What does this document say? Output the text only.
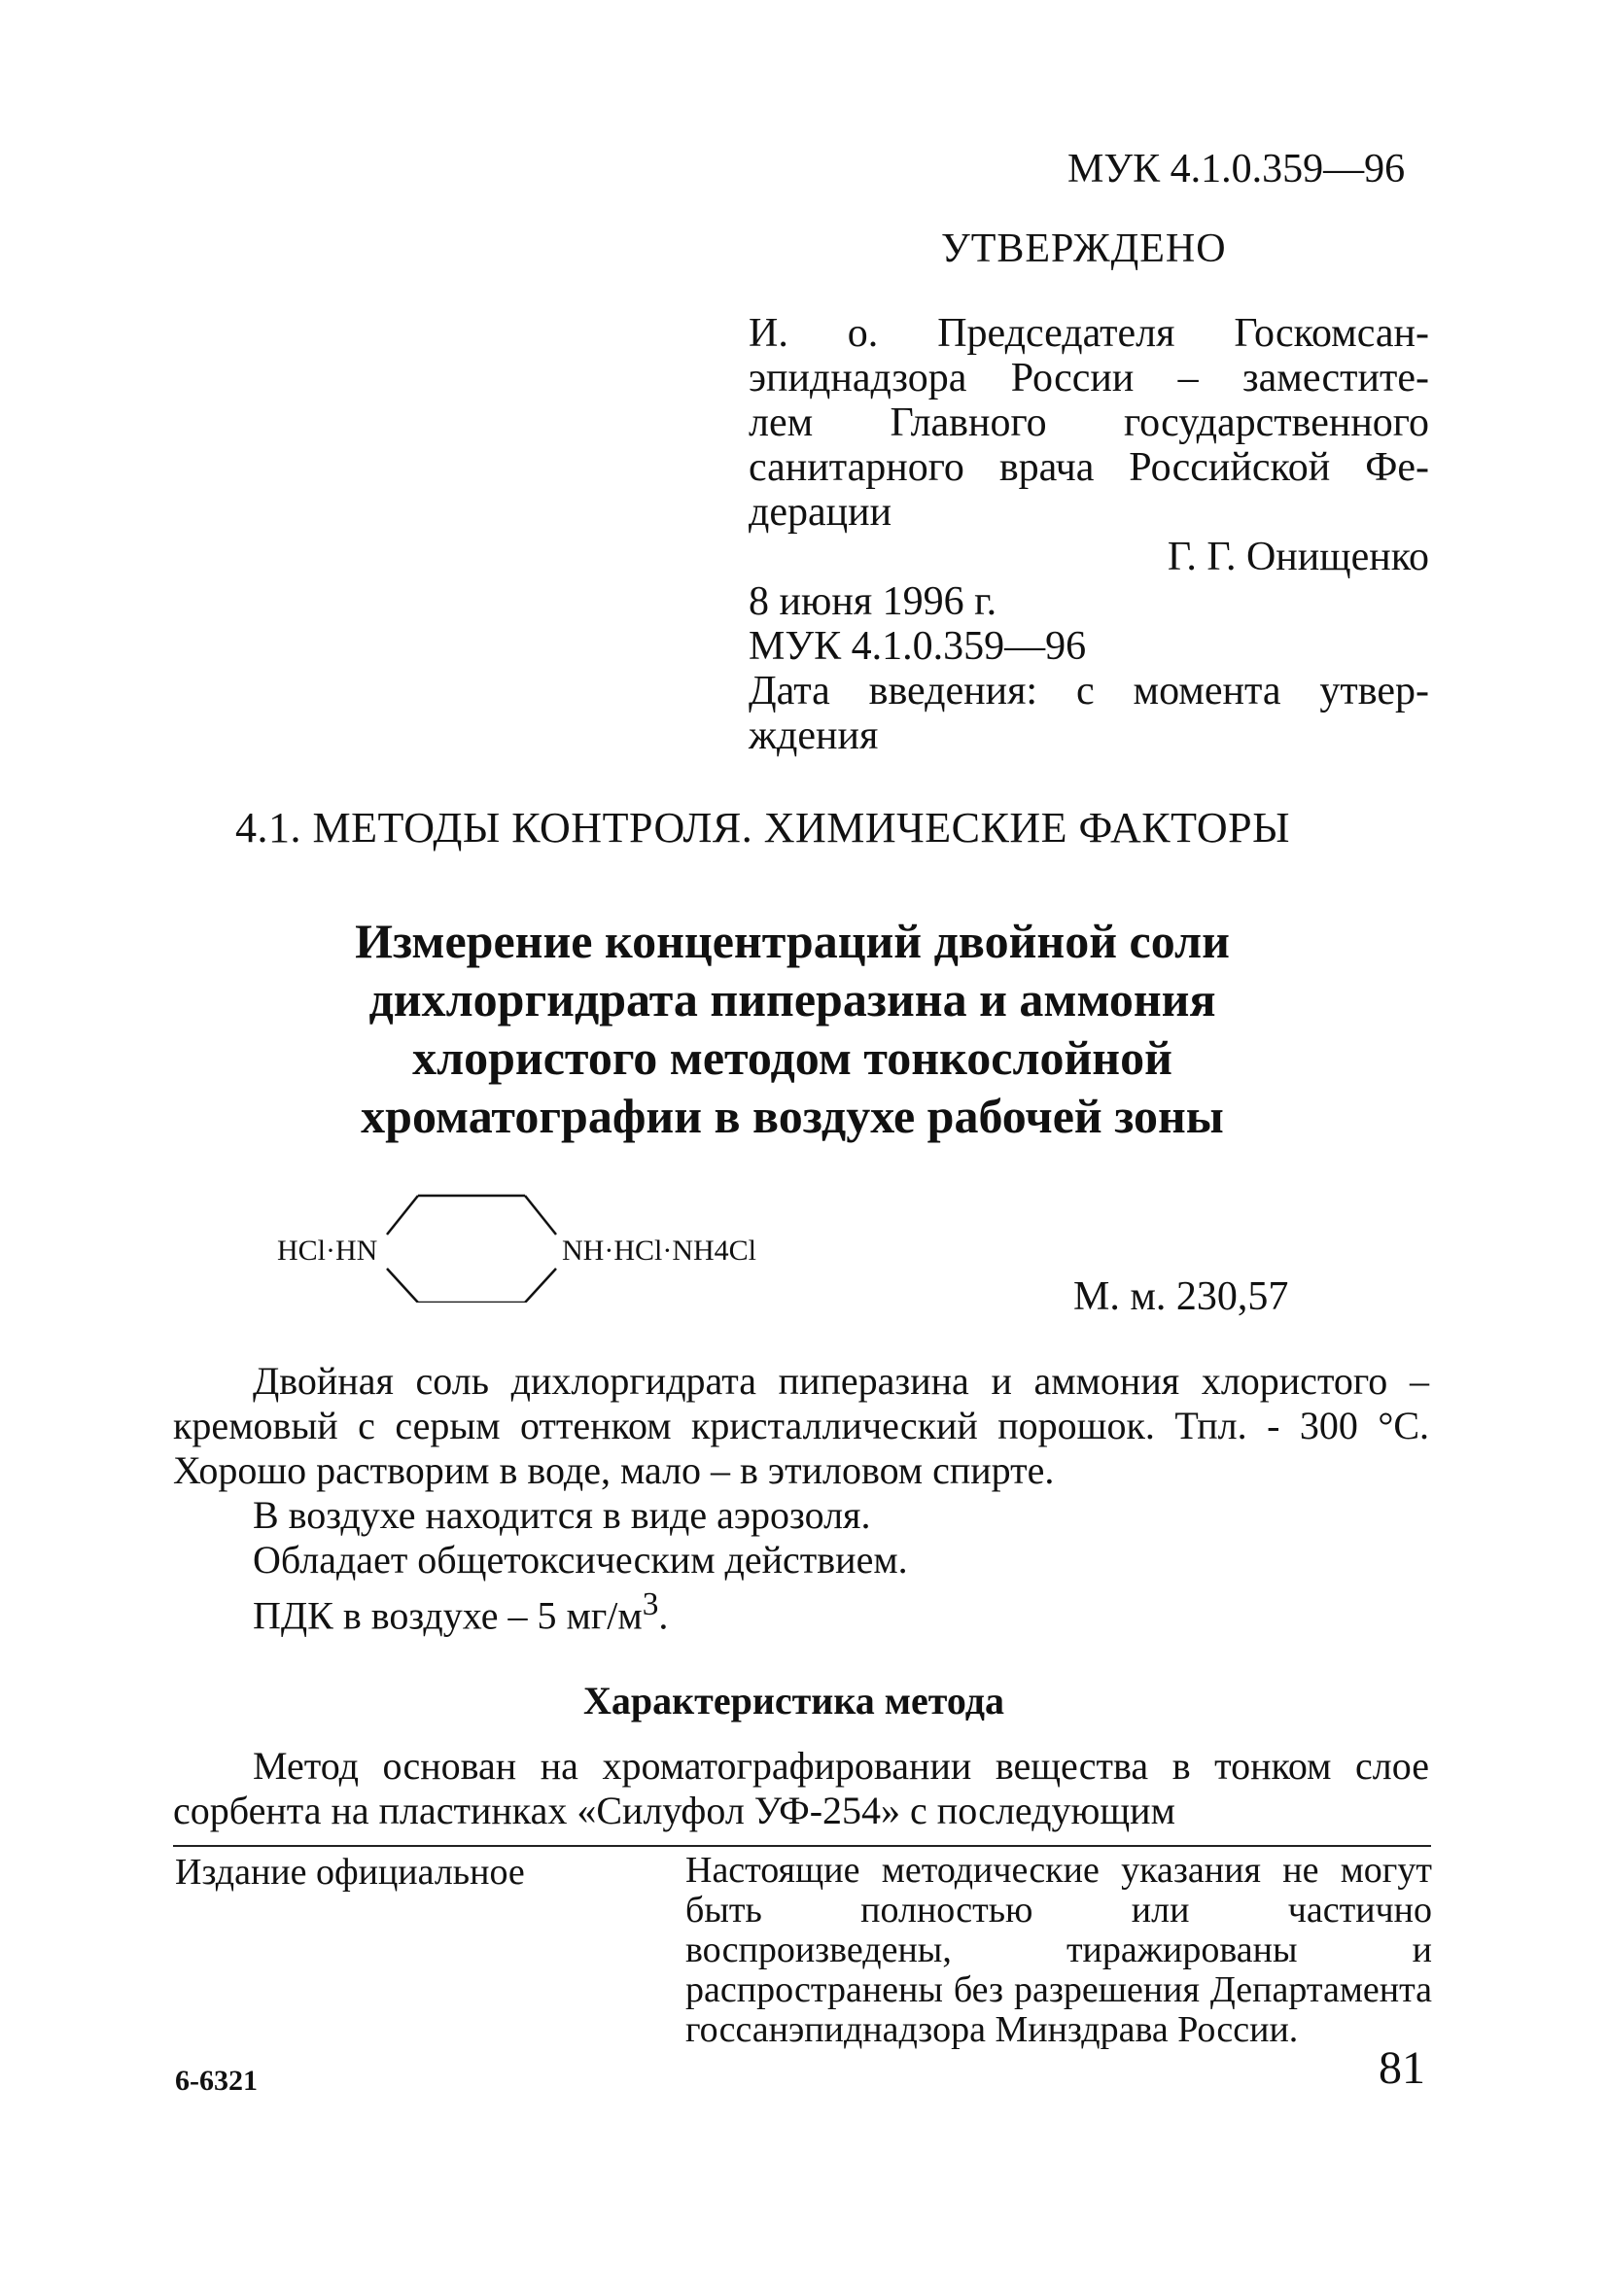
МУК 4.1.0.359—96
УТВЕРЖДЕНО
И. о. Председателя Госкомсан-
эпиднадзора России – заместите-
лем Главного государственного
санитарного врача Российской Фе-
дерации
Г. Г. Онищенко
8 июня 1996 г.
МУК 4.1.0.359—96
Дата введения: с момента утвер-
ждения
4.1. МЕТОДЫ КОНТРОЛЯ. ХИМИЧЕСКИЕ ФАКТОРЫ
Измерение концентраций двойной соли
дихлоргидрата пиперазина и аммония
хлористого методом тонкослойной
хроматографии в воздухе рабочей зоны
HCl·HN	NH·HCl·NH4Cl
М. м. 230,57

Двойная соль дихлоргидрата пиперазина и аммония хлористого – кремовый с серым оттенком кристаллический порошок. Тпл. - 300 °С. Хорошо растворим в воде, мало – в этиловом спирте.

В воздухе находится в виде аэрозоля.

Обладает общетоксическим действием.

ПДК в воздухе – 5 $мг/м^3$.

Характеристика метода
Метод основан на хроматографировании вещества в тонком слое сорбента на пластинках «Силуфол УФ-254» с последующим
Издание официальное	Настоящие методические указания не могут быть полностью или частично воспроизведены, тиражированы и распространены без разрешения Департамента госсанэпиднадзора Минздрава России.
6-6321	81
